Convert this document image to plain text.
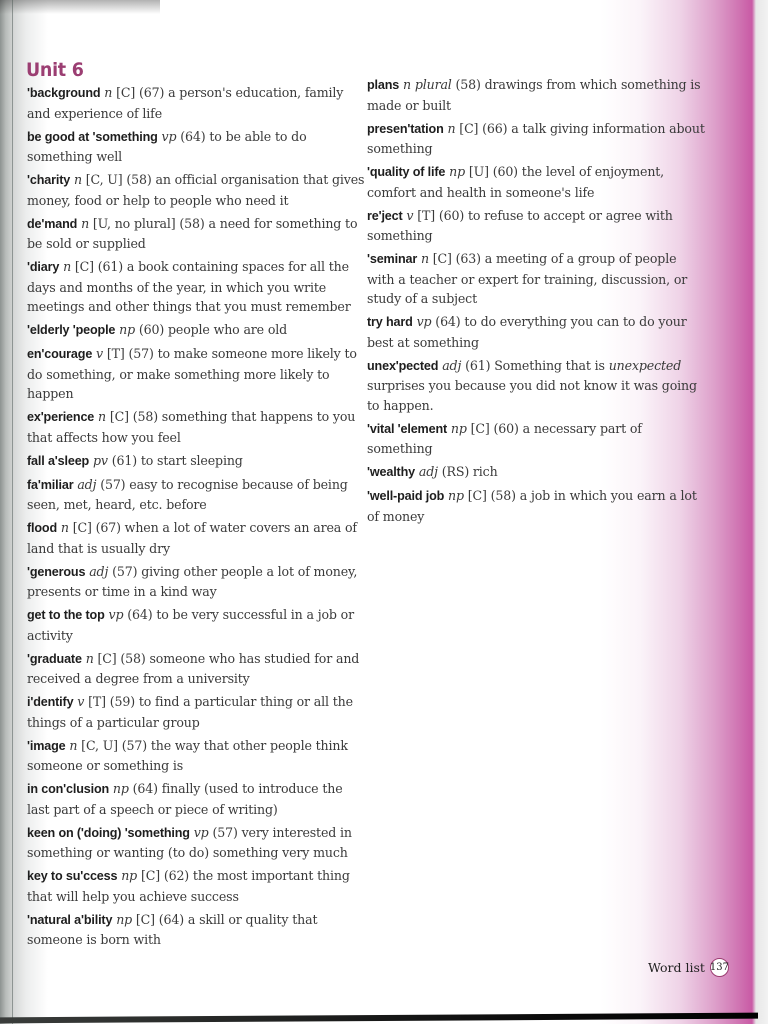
Unit 6
'background n [C] (67) a person's education, family and experience of life
be good at 'something vp (64) to be able to do something well
'charity n [C, U] (58) an official organisation that gives money, food or help to people who need it
de'mand n [U, no plural] (58) a need for something to be sold or supplied
'diary n [C] (61) a book containing spaces for all the days and months of the year, in which you write meetings and other things that you must remember
'elderly 'people np (60) people who are old
en'courage v [T] (57) to make someone more likely to do something, or make something more likely to happen
ex'perience n [C] (58) something that happens to you that affects how you feel
fall a'sleep pv (61) to start sleeping
fa'miliar adj (57) easy to recognise because of being seen, met, heard, etc. before
flood n [C] (67) when a lot of water covers an area of land that is usually dry
'generous adj (57) giving other people a lot of money, presents or time in a kind way
get to the top vp (64) to be very successful in a job or activity
'graduate n [C] (58) someone who has studied for and received a degree from a university
i'dentify v [T] (59) to find a particular thing or all the things of a particular group
'image n [C, U] (57) the way that other people think someone or something is
in con'clusion np (64) finally (used to introduce the last part of a speech or piece of writing)
keen on ('doing) 'something vp (57) very interested in something or wanting (to do) something very much
key to su'ccess np [C] (62) the most important thing that will help you achieve success
'natural a'bility np [C] (64) a skill or quality that someone is born with
plans n plural (58) drawings from which something is made or built
presen'tation n [C] (66) a talk giving information about something
'quality of life np [U] (60) the level of enjoyment, comfort and health in someone's life
re'ject v [T] (60) to refuse to accept or agree with something
'seminar n [C] (63) a meeting of a group of people with a teacher or expert for training, discussion, or study of a subject
try hard vp (64) to do everything you can to do your best at something
unex'pected adj (61) Something that is unexpected surprises you because you did not know it was going to happen.
'vital 'element np [C] (60) a necessary part of something
'wealthy adj (RS) rich
'well-paid job np [C] (58) a job in which you earn a lot of money
Word list 137
